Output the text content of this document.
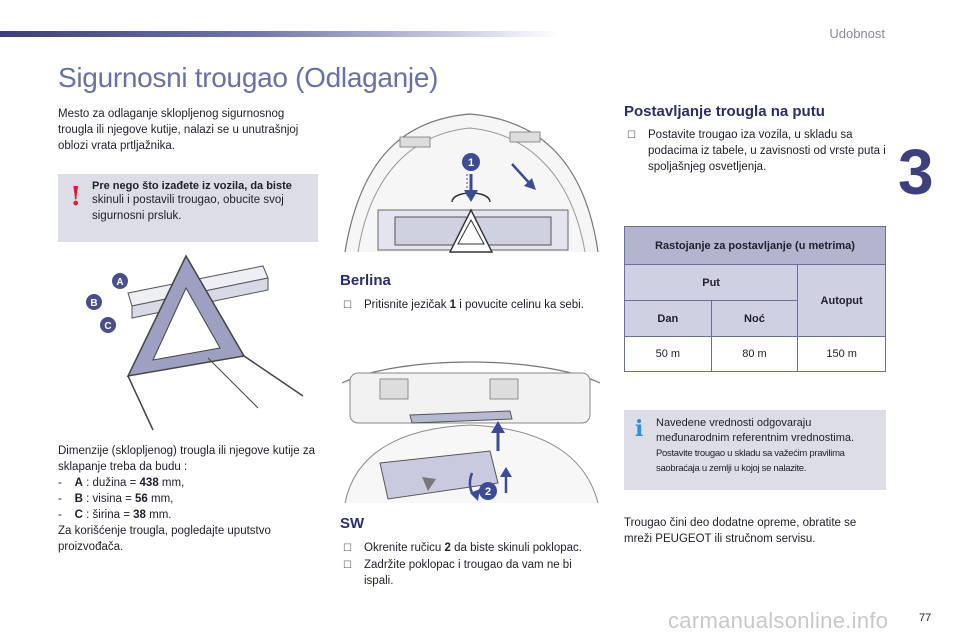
Udobnost
3
Sigurnosni trougao (Odlaganje)

Mesto za odlaganje sklopljenog sigurnosnog trougla ili njegove kutije, nalazi se u unutrašnjoj oblozi vrata prtljažnika.

! Pre nego što izađete iz vozila, da biste
skinuli i postavili trougao, obucite svoj sigurnosni prsluk.
A
B
C
Dimenzije (sklopljenog) trougla ili njegove kutije za sklapanje treba da budu :
- A : dužina = 438 mm,
- B : visina = 56 mm,
- C : širina = 38 mm.
Za korišćenje trougla, pogledajte uputstvo proizvođača.
1
Berlina
☐ Pritisnite jezičak 1 i povucite celinu ka sebi.
2
SW
☐ Okrenite ručicu 2 da biste skinuli poklopac.
☐ Zadržite poklopac i trougao da vam ne bi ispali.
Postavljanje trougla na putu
☐ Postavite trougao iza vozila, u skladu sa podacima iz tabele, u zavisnosti od vrste puta i spoljašnjeg osvetljenja.
Rastojanje za postavljanje (u metrima)		
Put		Autoput
Dan	Noć	
50 m	80 m	150 m
i Navedene vrednosti odgovaraju međunarodnim referentnim vrednostima.
Postavite trougao u skladu sa važećim pravilima saobraćaja u zemlji u kojoj se nalazite.

Trougao čini deo dodatne opreme, obratite se mreži PEUGEOT ili stručnom servisu.

carmanualsonline.info	77
